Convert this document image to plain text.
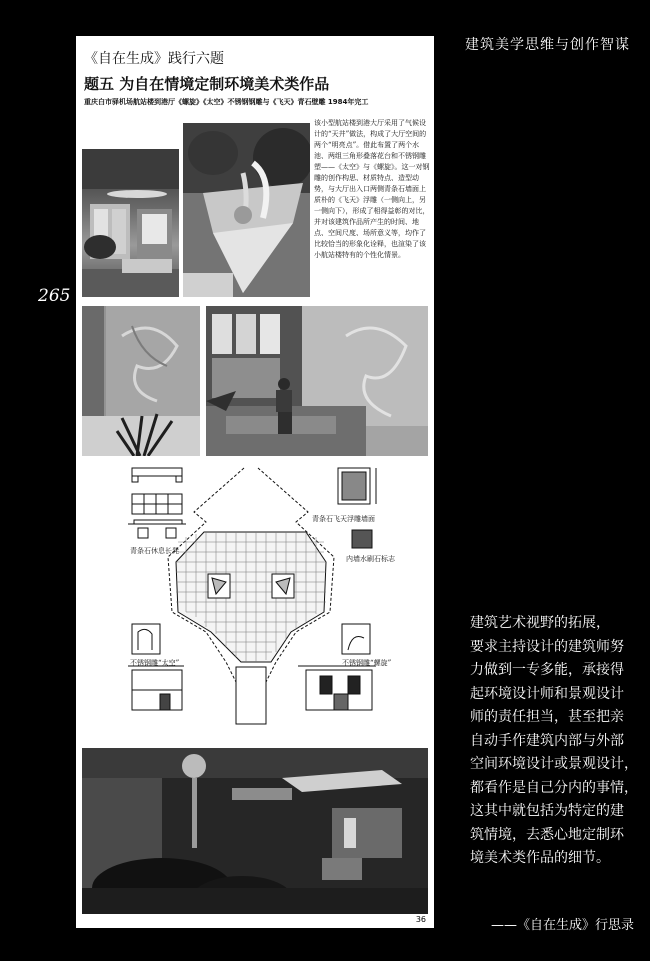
建筑美学思维与创作智谋
265
《自在生成》践行六题
题五 为自在情境定制环境美术类作品
重庆白市驿机场航站楼到港厅《螺旋》《太空》不锈钢钢雕与《飞天》青石壁雕 1984年完工
该小型航站楼到港大厅采用了气候设计的“天井”做法，构成了大厅空间的两个“明亮点”。借此布置了两个水池、两组三角形叠落花台和不锈钢雕塑——《太空》与《螺旋》。这一对钢雕的创作构思、材质特点、造型动势，与大厅出入口两侧青条石墙面上质朴的《飞天》浮雕（一侧向上，另一侧向下），形成了相得益彰的对比，并对该建筑作品所产生的时间、地点、空间尺度、场所意义等，均作了比较恰当的形象化诠释，也渲染了该小航站楼特有的个性化情景。
青条石休息长凳
青条石飞天浮雕墙面
内墙水刷石标志
不锈钢雕“太空”	不锈钢雕“螺旋”
36
建筑艺术视野的拓展，
要求主持设计的建筑师努
力做到一专多能，承接得
起环境设计师和景观设计
师的责任担当，甚至把亲
自动手作建筑内部与外部
空间环境设计或景观设计，
都看作是自己分内的事情，
这其中就包括为特定的建
筑情境，去悉心地定制环
境美术类作品的细节。
——《自在生成》行思录
